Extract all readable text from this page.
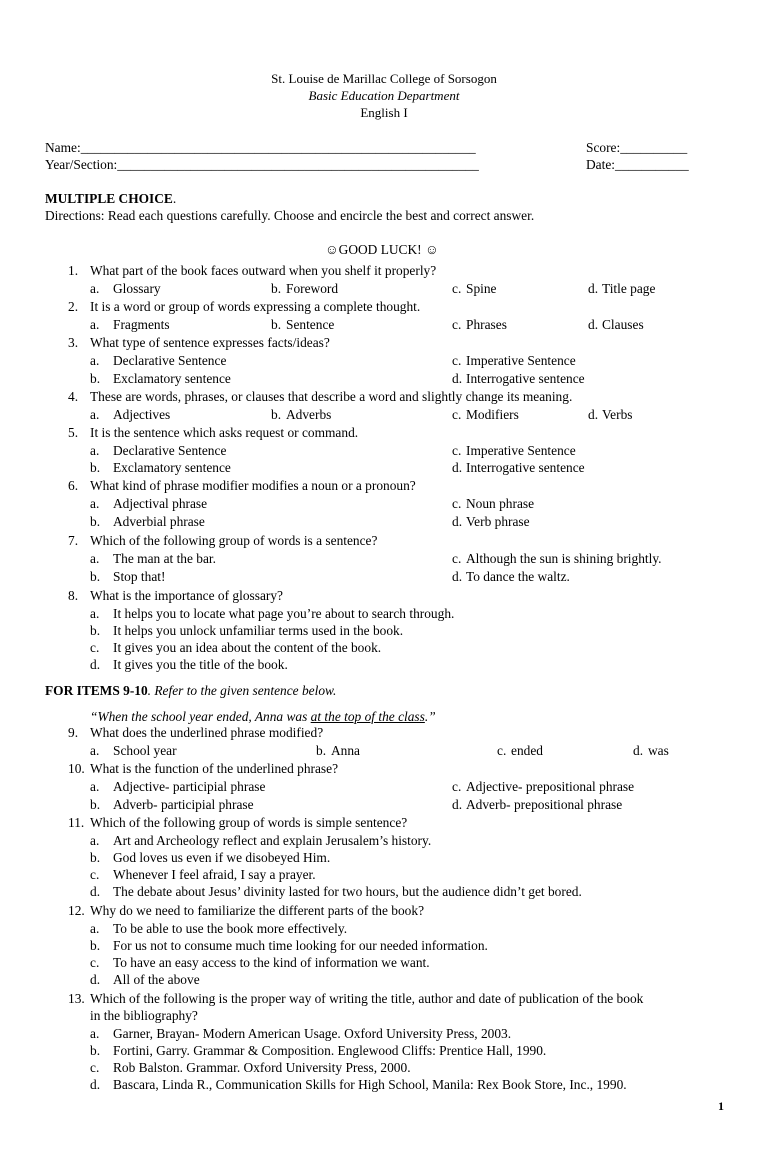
St. Louise de Marillac College of Sorsogon
Basic Education Department
English I
Name:___________________________________________________________	Score:__________
Year/Section:______________________________________________________	Date:___________
MULTIPLE CHOICE.
Directions: Read each questions carefully. Choose and encircle the best and correct answer.
☺GOOD LUCK! ☺
1. What part of the book faces outward when you shelf it properly?
a. Glossary	b. Foreword	c. Spine	d. Title page
2. It is a word or group of words expressing a complete thought.
a. Fragments	b. Sentence	c. Phrases	d. Clauses
3. What type of sentence expresses facts/ideas?
a. Declarative Sentence	c. Imperative Sentence
b. Exclamatory sentence	d. Interrogative sentence
4. These are words, phrases, or clauses that describe a word and slightly change its meaning.
a. Adjectives	b. Adverbs	c. Modifiers	d. Verbs
5. It is the sentence which asks request or command.
a. Declarative Sentence	c. Imperative Sentence
b. Exclamatory sentence	d. Interrogative sentence
6. What kind of phrase modifier modifies a noun or a pronoun?
a. Adjectival phrase	c. Noun phrase
b. Adverbial phrase	d. Verb phrase
7. Which of the following group of words is a sentence?
a. The man at the bar.	c. Although the sun is shining brightly.
b. Stop that!	d. To dance the waltz.
8. What is the importance of glossary?
a. It helps you to locate what page you’re about to search through.
b. It helps you unlock unfamiliar terms used in the book.
c. It gives you an idea about the content of the book.
d. It gives you the title of the book.
FOR ITEMS 9-10. Refer to the given sentence below.
“When the school year ended, Anna was at the top of the class.”
9. What does the underlined phrase modified?
a. School year	b. Anna	c. ended	d. was
10. What is the function of the underlined phrase?
a. Adjective- participial phrase	c. Adjective- prepositional phrase
b. Adverb- participial phrase	d. Adverb- prepositional phrase
11. Which of the following group of words is simple sentence?
a. Art and Archeology reflect and explain Jerusalem’s history.
b. God loves us even if we disobeyed Him.
c. Whenever I feel afraid, I say a prayer.
d. The debate about Jesus’ divinity lasted for two hours, but the audience didn’t get bored.
12. Why do we need to familiarize the different parts of the book?
a. To be able to use the book more effectively.
b. For us not to consume much time looking for our needed information.
c. To have an easy access to the kind of information we want.
d. All of the above
13. Which of the following is the proper way of writing the title, author and date of publication of the book
in the bibliography?
a. Garner, Brayan- Modern American Usage. Oxford University Press, 2003.
b. Fortini, Garry. Grammar & Composition. Englewood Cliffs: Prentice Hall, 1990.
c. Rob Balston. Grammar. Oxford University Press, 2000.
d. Bascara, Linda R., Communication Skills for High School, Manila: Rex Book Store, Inc., 1990.
1
